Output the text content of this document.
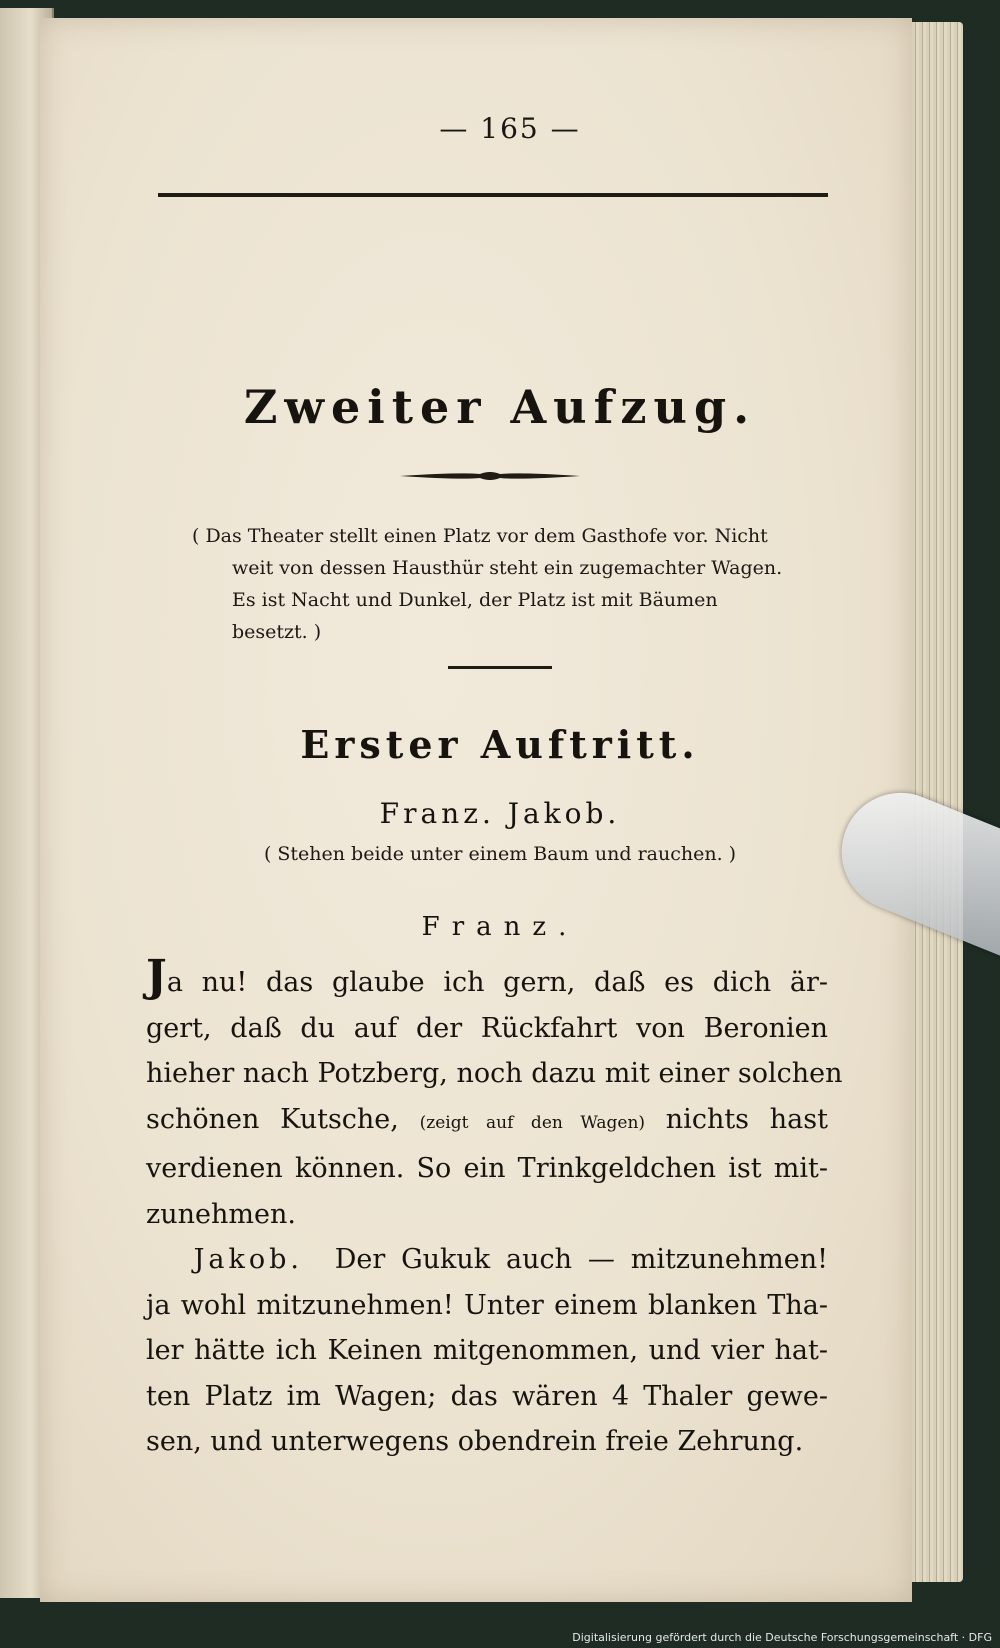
— 165 —
Zweiter Aufzug.
( Das Theater stellt einen Platz vor dem Gasthofe vor. Nicht
weit von dessen Hausthür steht ein zugemachter Wagen.
Es ist Nacht und Dunkel, der Platz ist mit Bäumen
besetzt. )
Erster Auftritt.
Franz. Jakob.
( Stehen beide unter einem Baum und rauchen. )
Franz.
Ja nu! das glaube ich gern, daß es dich är-
gert, daß du auf der Rückfahrt von Beronien
hieher nach Potzberg, noch dazu mit einer solchen
schönen Kutsche, (zeigt auf den Wagen) nichts hast
verdienen können. So ein Trinkgeldchen ist mit-
zunehmen.
Jakob. Der Gukuk auch — mitzunehmen!
ja wohl mitzunehmen! Unter einem blanken Tha-
ler hätte ich Keinen mitgenommen, und vier hat-
ten Platz im Wagen; das wären 4 Thaler gewe-
sen, und unterwegens obendrein freie Zehrung.
Digitalisierung gefördert durch die Deutsche Forschungsgemeinschaft · DFG
